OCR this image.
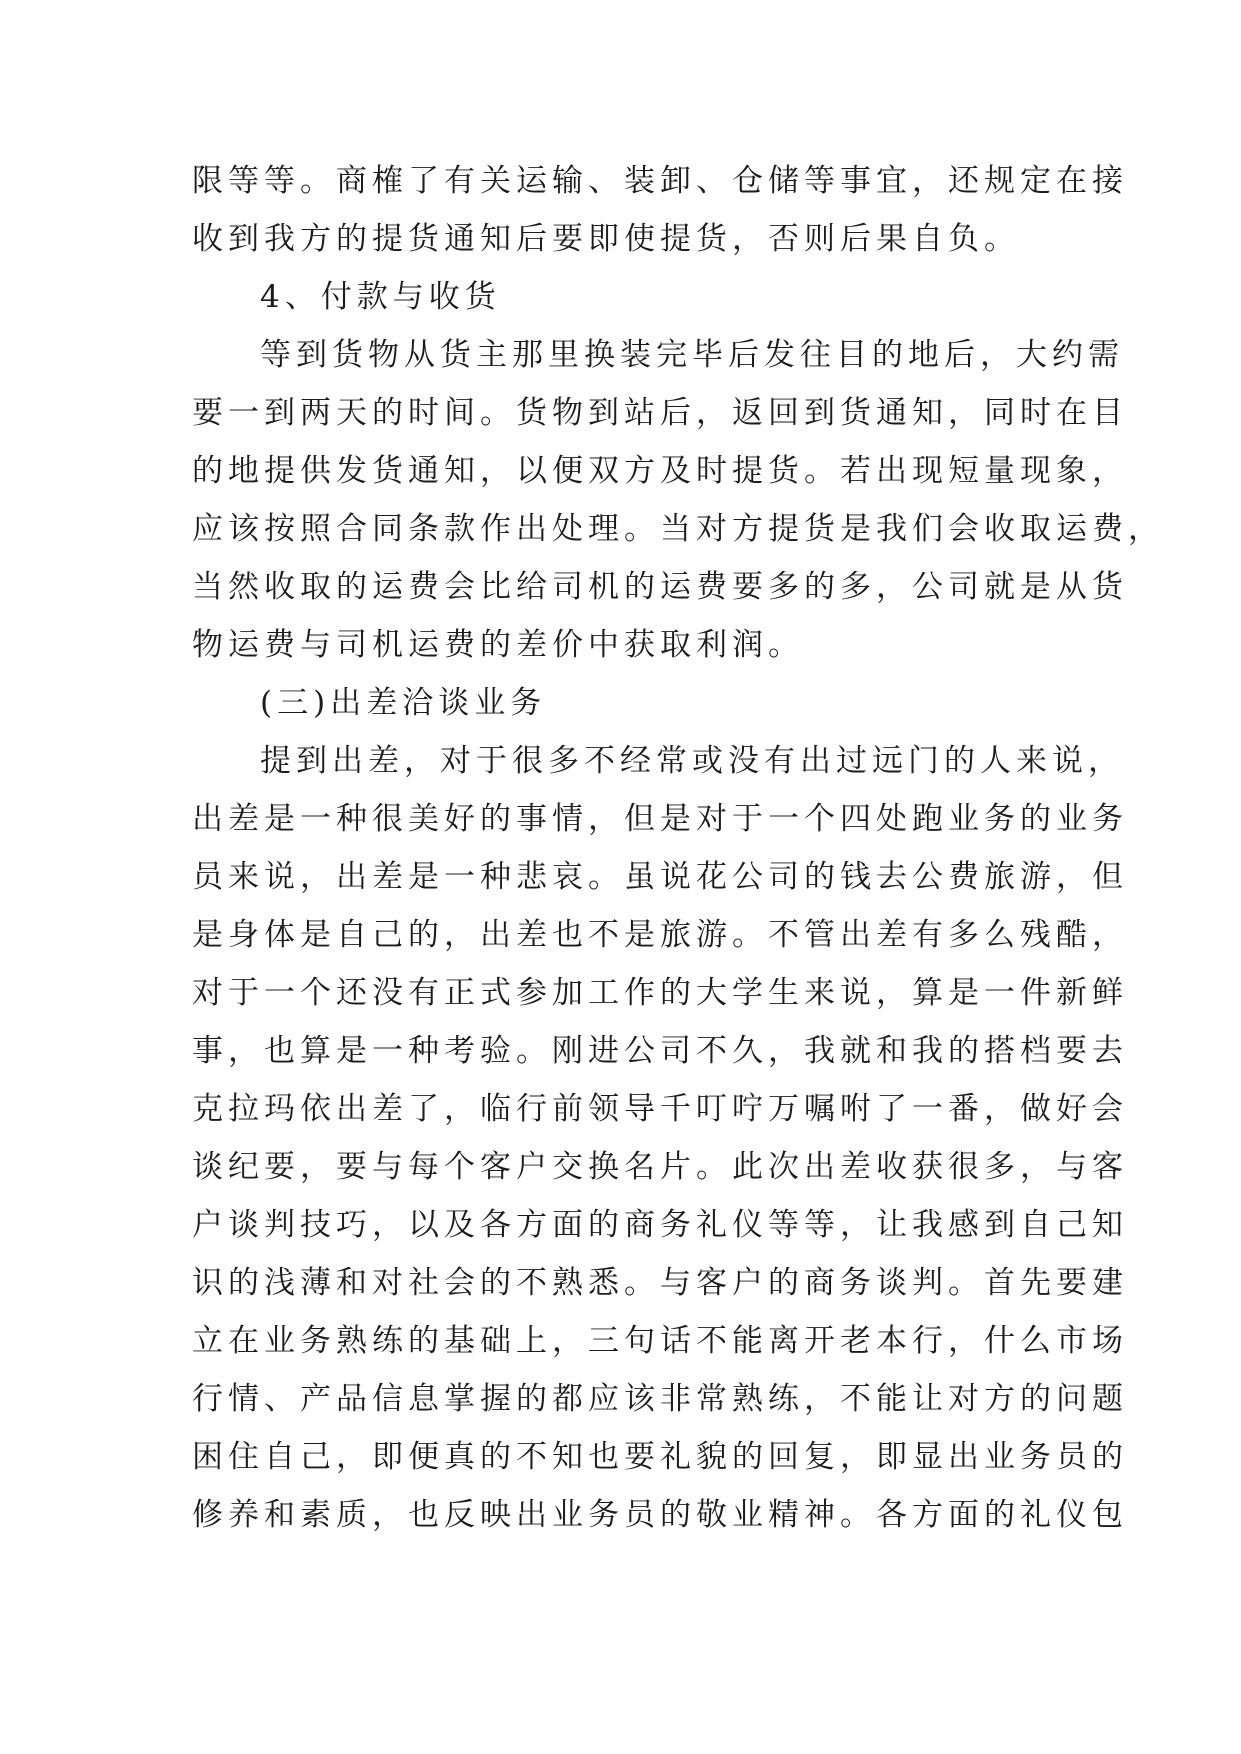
限等等。商榷了有关运输、装卸、仓储等事宜，还规定在接
收到我方的提货通知后要即使提货，否则后果自负。
4、付款与收货
等到货物从货主那里换装完毕后发往目的地后，大约需
要一到两天的时间。货物到站后，返回到货通知，同时在目
的地提供发货通知，以便双方及时提货。若出现短量现象，
应该按照合同条款作出处理。当对方提货是我们会收取运费，
当然收取的运费会比给司机的运费要多的多，公司就是从货
物运费与司机运费的差价中获取利润。
(三)出差洽谈业务
提到出差，对于很多不经常或没有出过远门的人来说，
出差是一种很美好的事情，但是对于一个四处跑业务的业务
员来说，出差是一种悲哀。虽说花公司的钱去公费旅游，但
是身体是自己的，出差也不是旅游。不管出差有多么残酷，
对于一个还没有正式参加工作的大学生来说，算是一件新鲜
事，也算是一种考验。刚进公司不久，我就和我的搭档要去
克拉玛依出差了，临行前领导千叮咛万嘱咐了一番，做好会
谈纪要，要与每个客户交换名片。此次出差收获很多，与客
户谈判技巧，以及各方面的商务礼仪等等，让我感到自己知
识的浅薄和对社会的不熟悉。与客户的商务谈判。首先要建
立在业务熟练的基础上，三句话不能离开老本行，什么市场
行情、产品信息掌握的都应该非常熟练，不能让对方的问题
困住自己，即便真的不知也要礼貌的回复，即显出业务员的
修养和素质，也反映出业务员的敬业精神。各方面的礼仪包
